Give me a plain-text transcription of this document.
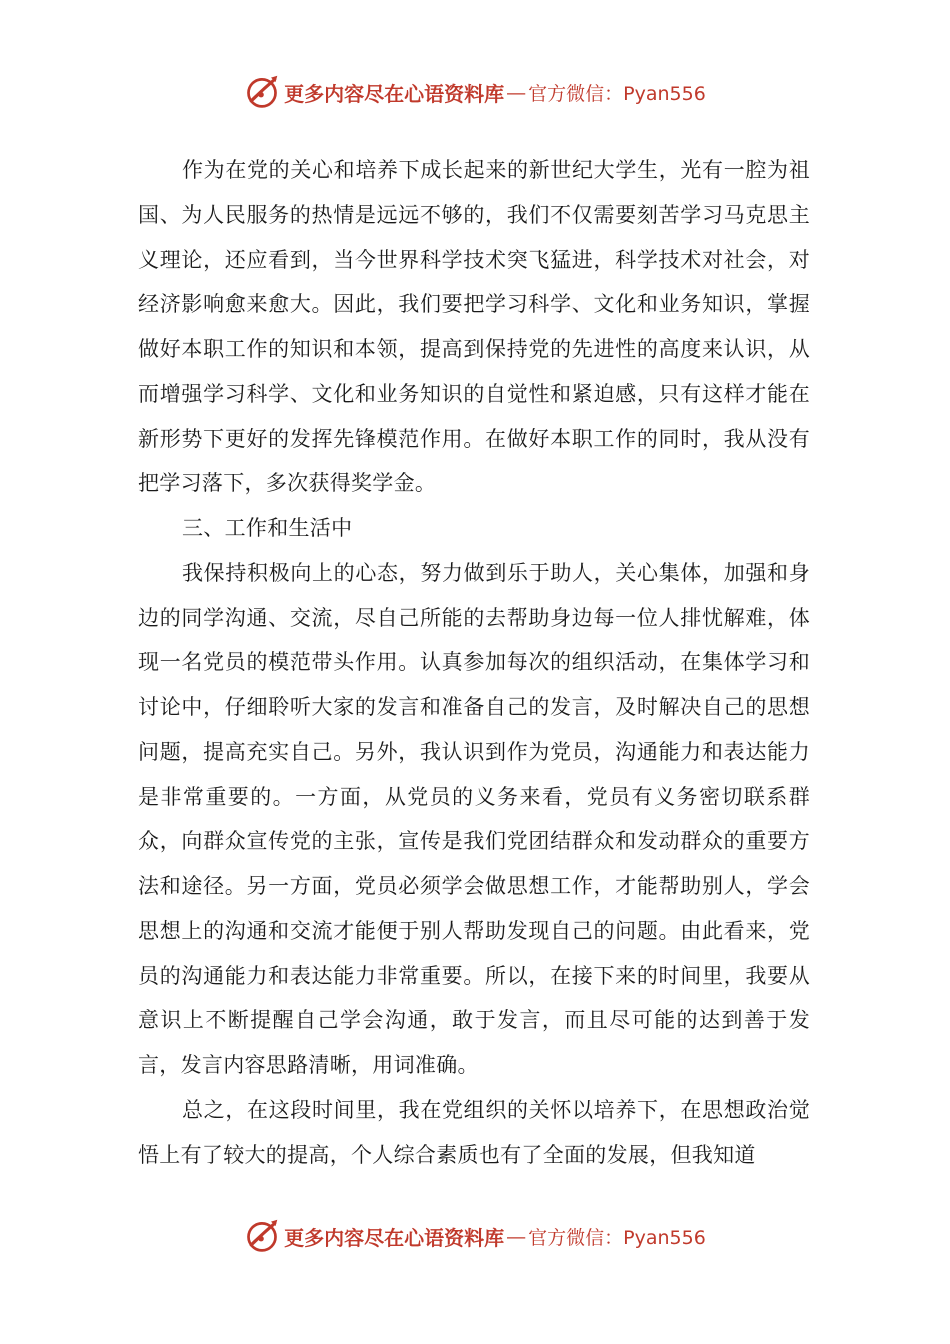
更多内容尽在心语资料库 — 官方微信：Pyan556

作为在党的关心和培养下成长起来的新世纪大学生，光有一腔为祖国、为人民服务的热情是远远不够的，我们不仅需要刻苦学习马克思主义理论，还应看到，当今世界科学技术突飞猛进，科学技术对社会，对经济影响愈来愈大。因此，我们要把学习科学、文化和业务知识，掌握做好本职工作的知识和本领，提高到保持党的先进性的高度来认识，从而增强学习科学、文化和业务知识的自觉性和紧迫感，只有这样才能在新形势下更好的发挥先锋模范作用。在做好本职工作的同时，我从没有把学习落下，多次获得奖学金。

三、工作和生活中

我保持积极向上的心态，努力做到乐于助人，关心集体，加强和身边的同学沟通、交流，尽自己所能的去帮助身边每一位人排忧解难，体现一名党员的模范带头作用。认真参加每次的组织活动，在集体学习和讨论中，仔细聆听大家的发言和准备自己的发言，及时解决自己的思想问题，提高充实自己。另外，我认识到作为党员，沟通能力和表达能力是非常重要的。一方面，从党员的义务来看，党员有义务密切联系群众，向群众宣传党的主张，宣传是我们党团结群众和发动群众的重要方法和途径。另一方面，党员必须学会做思想工作，才能帮助别人，学会思想上的沟通和交流才能便于别人帮助发现自己的问题。由此看来，党员的沟通能力和表达能力非常重要。所以，在接下来的时间里，我要从意识上不断提醒自己学会沟通，敢于发言，而且尽可能的达到善于发言，发言内容思路清晰，用词准确。

总之，在这段时间里，我在党组织的关怀以培养下，在思想政治觉悟上有了较大的提高，个人综合素质也有了全面的发展，但我知道

更多内容尽在心语资料库 — 官方微信：Pyan556
